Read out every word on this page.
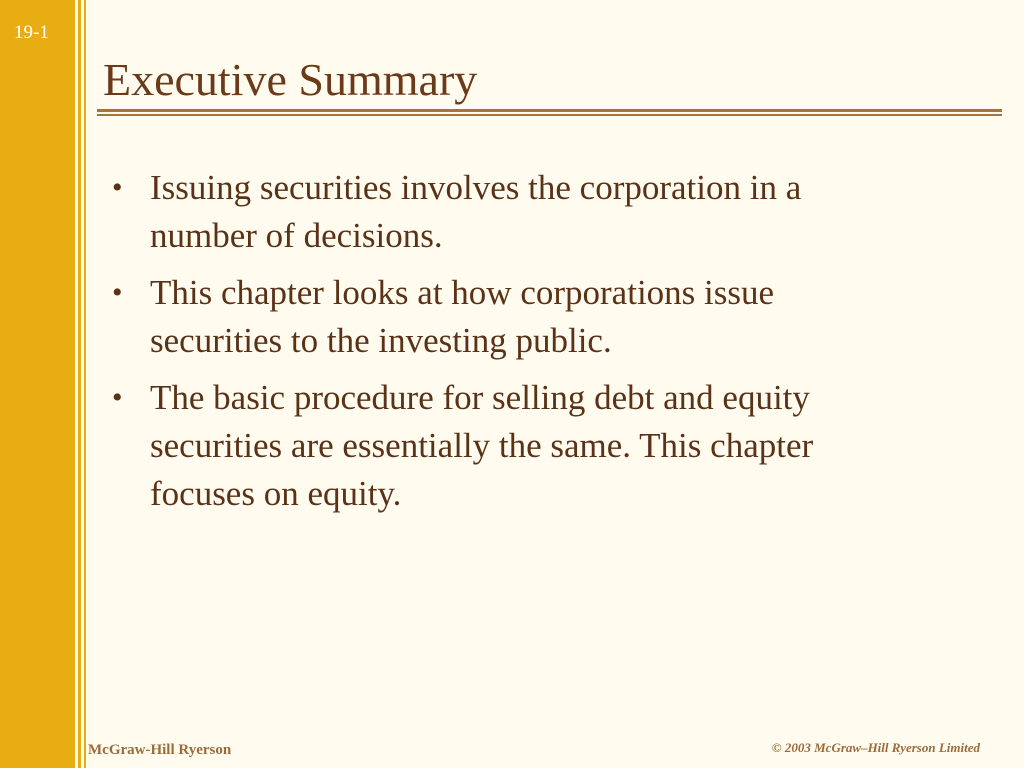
19-1
Executive Summary
• Issuing securities involves the corporation in a number of decisions.
• This chapter looks at how corporations issue securities to the investing public.
• The basic procedure for selling debt and equity securities are essentially the same. This chapter focuses on equity.
McGraw-Hill Ryerson	© 2003 McGraw–Hill Ryerson Limited
